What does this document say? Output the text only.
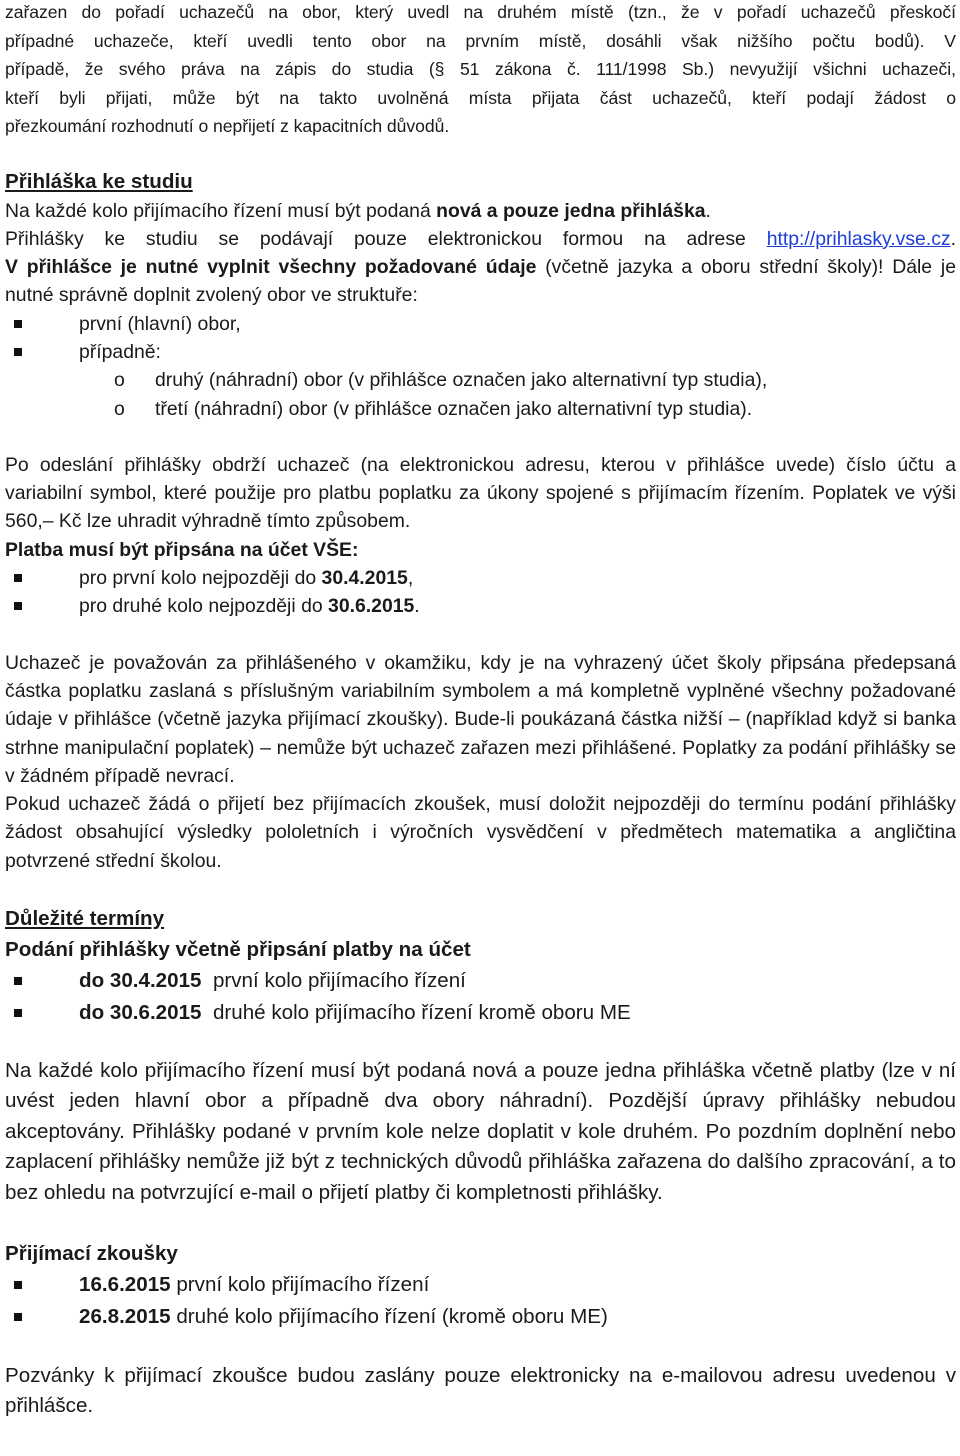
zařazen do pořadí uchazečů na obor, který uvedl na druhém místě (tzn., že v pořadí uchazečů přeskočí
případné uchazeče, kteří uvedli tento obor na prvním místě, dosáhli však nižšího počtu bodů). V
případě, že svého práva na zápis do studia (§ 51 zákona č. 111/1998 Sb.) nevyužijí všichni uchazeči,
kteří byli přijati, může být na takto uvolněná místa přijata část uchazečů, kteří podají žádost o
přezkoumání rozhodnutí o nepřijetí z kapacitních důvodů.

Přihláška ke studiu

Na každé kolo přijímacího řízení musí být podaná nová a pouze jedna přihláška.

Přihlášky ke studiu se podávají pouze elektronickou formou na adrese http://prihlasky.vse.cz.

V přihlášce je nutné vyplnit všechny požadované údaje (včetně jazyka a oboru střední školy)! Dále je nutné správně doplnit zvolený obor ve struktuře:

první (hlavní) obor,
případně:
o druhý (náhradní) obor (v přihlášce označen jako alternativní typ studia),
o třetí (náhradní) obor (v přihlášce označen jako alternativní typ studia).

Po odeslání přihlášky obdrží uchazeč (na elektronickou adresu, kterou v přihlášce uvede) číslo účtu a variabilní symbol, které použije pro platbu poplatku za úkony spojené s přijímacím řízením. Poplatek ve výši 560,– Kč lze uhradit výhradně tímto způsobem.

Platba musí být připsána na účet VŠE:

pro první kolo nejpozději do 30.4.2015,
pro druhé kolo nejpozději do 30.6.2015.

Uchazeč je považován za přihlášeného v okamžiku, kdy je na vyhrazený účet školy připsána předepsaná částka poplatku zaslaná s příslušným variabilním symbolem a má kompletně vyplněné všechny požadované údaje v přihlášce (včetně jazyka přijímací zkoušky). Bude-li poukázaná částka nižší – (například když si banka strhne manipulační poplatek) – nemůže být uchazeč zařazen mezi přihlášené. Poplatky za podání přihlášky se v žádném případě nevrací.

Pokud uchazeč žádá o přijetí bez přijímacích zkoušek, musí doložit nejpozději do termínu podání přihlášky žádost obsahující výsledky pololetních i výročních vysvědčení v předmětech matematika a angličtina potvrzené střední školou.

Důležité termíny

Podání přihlášky včetně připsání platby na účet

do 30.4.2015  první kolo přijímacího řízení
do 30.6.2015  druhé kolo přijímacího řízení kromě oboru ME

Na každé kolo přijímacího řízení musí být podaná nová a pouze jedna přihláška včetně platby (lze v ní uvést jeden hlavní obor a případně dva obory náhradní). Pozdější úpravy přihlášky nebudou akceptovány. Přihlášky podané v prvním kole nelze doplatit v kole druhém. Po pozdním doplnění nebo zaplacení přihlášky nemůže již být z technických důvodů přihláška zařazena do dalšího zpracování, a to bez ohledu na potvrzující e-mail o přijetí platby či kompletnosti přihlášky.

Přijímací zkoušky

16.6.2015 první kolo přijímacího řízení
26.8.2015 druhé kolo přijímacího řízení (kromě oboru ME)

Pozvánky k přijímací zkoušce budou zaslány pouze elektronicky na e-mailovou adresu uvedenou v přihlášce.
